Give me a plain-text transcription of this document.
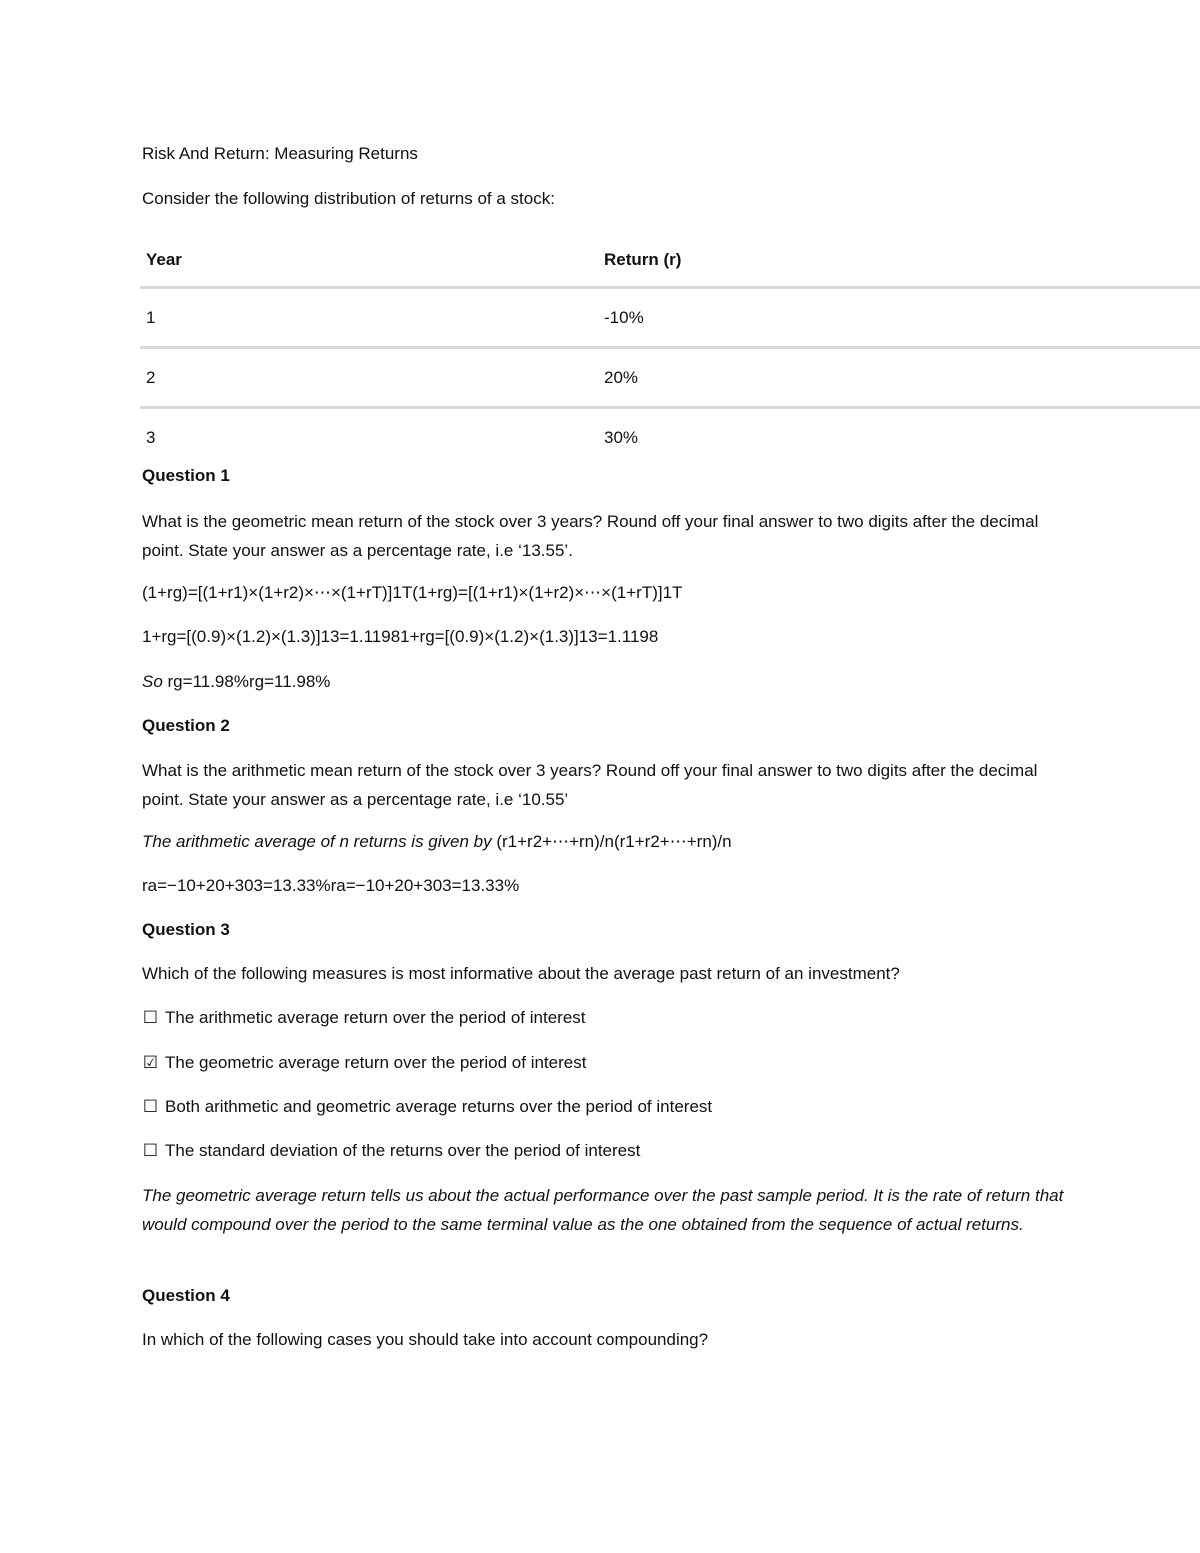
Risk And Return: Measuring Returns
Consider the following distribution of returns of a stock:
Year	Return (r)
1	-10%
2	20%
3	30%
Question 1
What is the geometric mean return of the stock over 3 years? Round off your final answer to two digits after the decimal point. State your answer as a percentage rate, i.e ‘13.55’.
(1+rg)=[(1+r1)×(1+r2)×⋯×(1+rT)]1T(1+rg)=[(1+r1)×(1+r2)×⋯×(1+rT)]1T
1+rg=[(0.9)×(1.2)×(1.3)]13=1.11981+rg=[(0.9)×(1.2)×(1.3)]13=1.1198
So rg=11.98%rg=11.98%
Question 2
What is the arithmetic mean return of the stock over 3 years? Round off your final answer to two digits after the decimal point. State your answer as a percentage rate, i.e ‘10.55’
The arithmetic average of n returns is given by (r1+r2+⋯+rn)/n(r1+r2+⋯+rn)/n
ra=−10+20+303=13.33%ra=−10+20+303=13.33%
Question 3
Which of the following measures is most informative about the average past return of an investment?
☐ The arithmetic average return over the period of interest
☑ The geometric average return over the period of interest
☐ Both arithmetic and geometric average returns over the period of interest
☐ The standard deviation of the returns over the period of interest
The geometric average return tells us about the actual performance over the past sample period. It is the rate of return that would compound over the period to the same terminal value as the one obtained from the sequence of actual returns.
Question 4
In which of the following cases you should take into account compounding?
